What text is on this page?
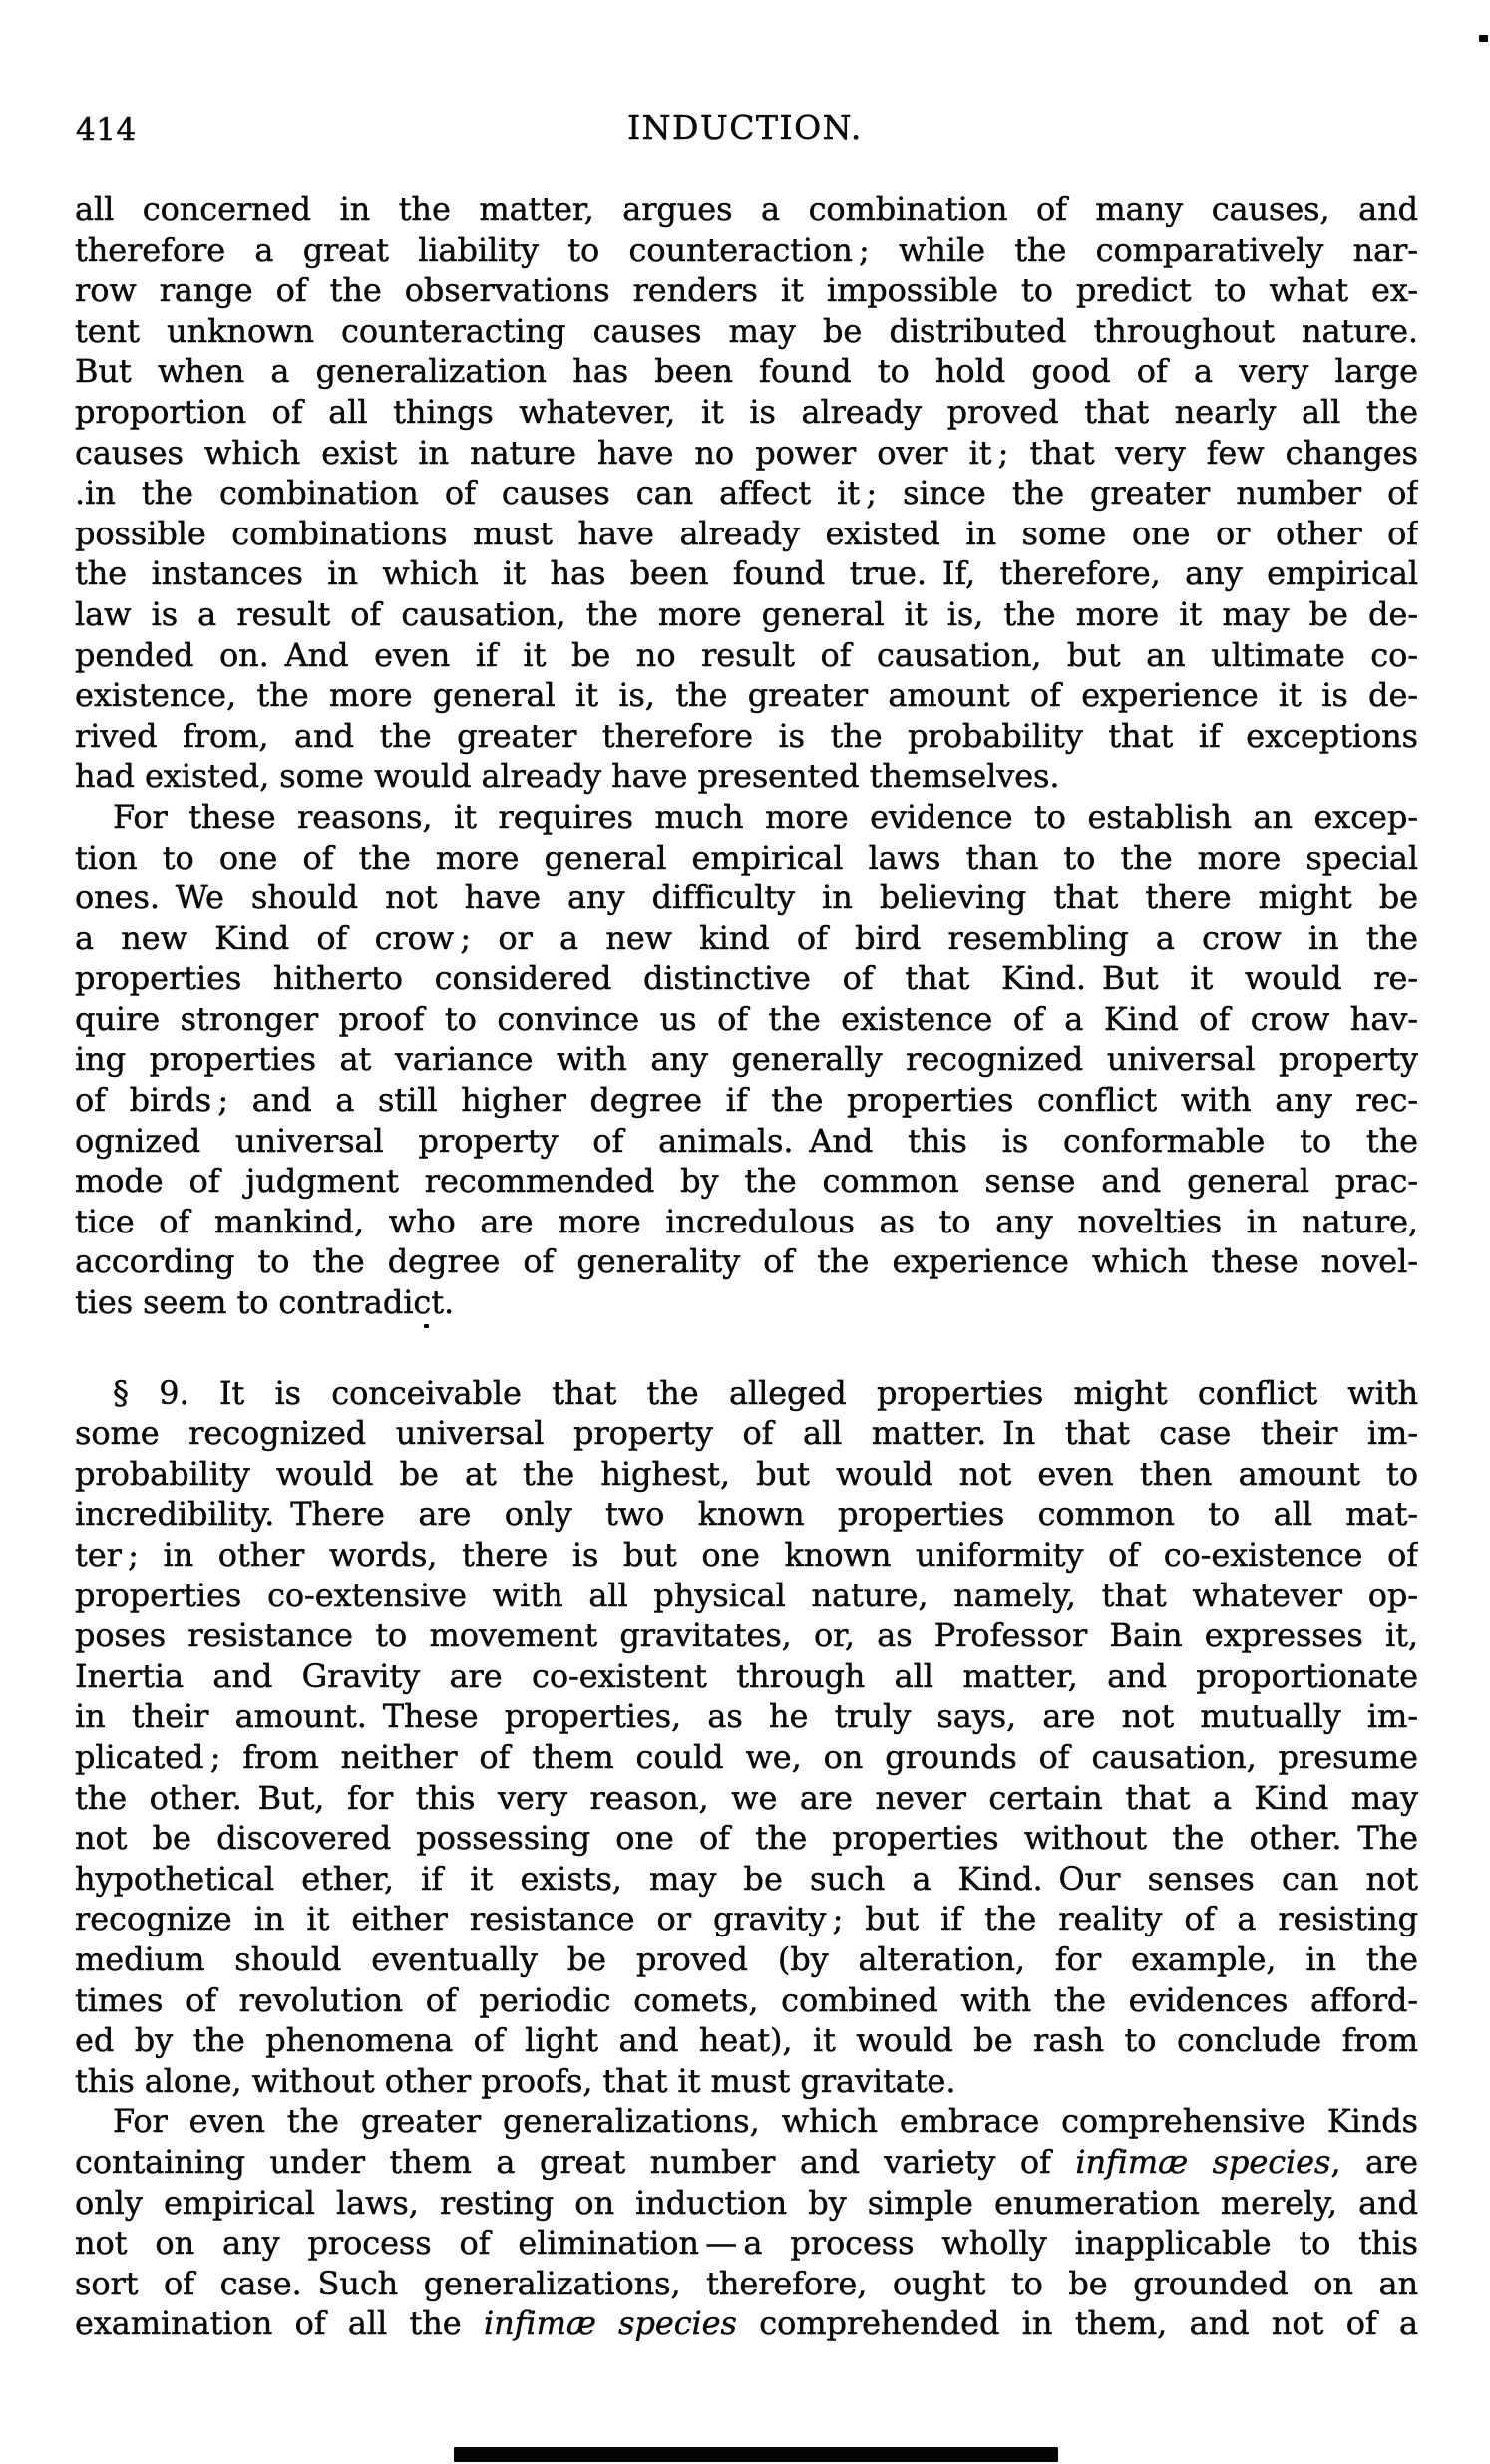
414	INDUCTION.
all concerned in the matter, argues a combination of many causes, and
therefore a great liability to counteraction ; while the comparatively nar-
row range of the observations renders it impossible to predict to what ex-
tent unknown counteracting causes may be distributed throughout nature.
But when a generalization has been found to hold good of a very large
proportion of all things whatever, it is already proved that nearly all the
causes which exist in nature have no power over it ; that very few changes
.in the combination of causes can affect it ; since the greater number of
possible combinations must have already existed in some one or other of
the instances in which it has been found true. If, therefore, any empirical
law is a result of causation, the more general it is, the more it may be de-
pended on. And even if it be no result of causation, but an ultimate co-
existence, the more general it is, the greater amount of experience it is de-
rived from, and the greater therefore is the probability that if exceptions
had existed, some would already have presented themselves.
For these reasons, it requires much more evidence to establish an excep-
tion to one of the more general empirical laws than to the more special
ones. We should not have any difficulty in believing that there might be
a new Kind of crow ; or a new kind of bird resembling a crow in the
properties hitherto considered distinctive of that Kind. But it would re-
quire stronger proof to convince us of the existence of a Kind of crow hav-
ing properties at variance with any generally recognized universal property
of birds ; and a still higher degree if the properties conflict with any rec-
ognized universal property of animals. And this is conformable to the
mode of judgment recommended by the common sense and general prac-
tice of mankind, who are more incredulous as to any novelties in nature,
according to the degree of generality of the experience which these novel-
ties seem to contradict.
§ 9. It is conceivable that the alleged properties might conflict with
some recognized universal property of all matter. In that case their im-
probability would be at the highest, but would not even then amount to
incredibility. There are only two known properties common to all mat-
ter ; in other words, there is but one known uniformity of co-existence of
properties co-extensive with all physical nature, namely, that whatever op-
poses resistance to movement gravitates, or, as Professor Bain expresses it,
Inertia and Gravity are co-existent through all matter, and proportionate
in their amount. These properties, as he truly says, are not mutually im-
plicated ; from neither of them could we, on grounds of causation, presume
the other. But, for this very reason, we are never certain that a Kind may
not be discovered possessing one of the properties without the other. The
hypothetical ether, if it exists, may be such a Kind. Our senses can not
recognize in it either resistance or gravity ; but if the reality of a resisting
medium should eventually be proved (by alteration, for example, in the
times of revolution of periodic comets, combined with the evidences afford-
ed by the phenomena of light and heat), it would be rash to conclude from
this alone, without other proofs, that it must gravitate.
For even the greater generalizations, which embrace comprehensive Kinds
containing under them a great number and variety of infimæ species, are
only empirical laws, resting on induction by simple enumeration merely, and
not on any process of elimination — a process wholly inapplicable to this
sort of case. Such generalizations, therefore, ought to be grounded on an
examination of all the infimæ species comprehended in them, and not of a
